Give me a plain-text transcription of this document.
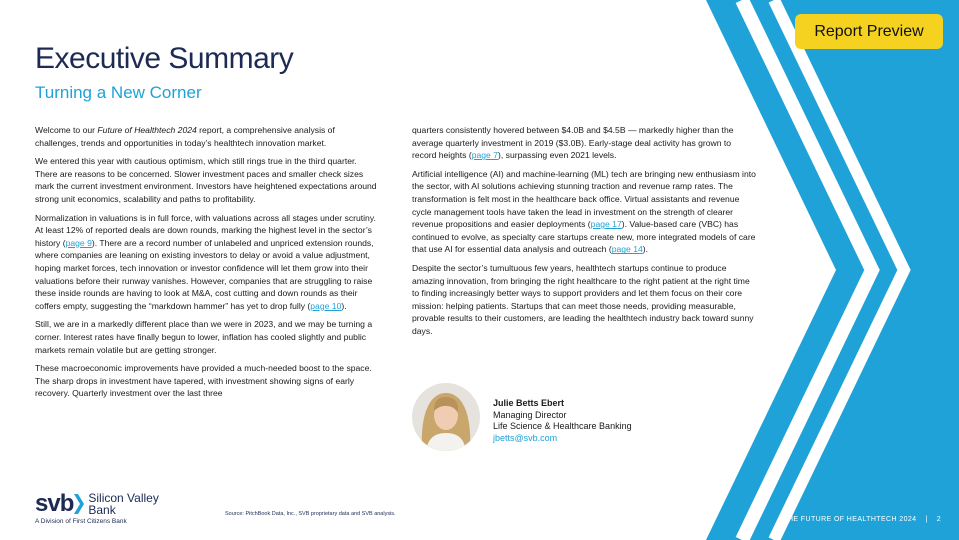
Report Preview
Executive Summary
Turning a New Corner

Welcome to our Future of Healthtech 2024 report, a comprehensive analysis of challenges, trends and opportunities in today’s healthtech innovation market.

We entered this year with cautious optimism, which still rings true in the third quarter. There are reasons to be concerned. Slower investment paces and smaller check sizes mark the current investment environment. Investors have heightened expectations around strong unit economics, scalability and paths to profitability.

Normalization in valuations is in full force, with valuations across all stages under scrutiny. At least 12% of reported deals are down rounds, marking the highest level in the sector’s history (page 9). There are a record number of unlabeled and unpriced extension rounds, where companies are leaning on existing investors to delay or avoid a value adjustment, hoping market forces, tech innovation or investor confidence will let them grow into their valuations before their runway vanishes. However, companies that are struggling to raise these inside rounds are having to look at M&A, cost cutting and down rounds as their coffers empty, suggesting the “markdown hammer” has yet to drop fully (page 10).

Still, we are in a markedly different place than we were in 2023, and we may be turning a corner. Interest rates have finally begun to lower, inflation has cooled slightly and public markets remain volatile but are getting stronger.

These macroeconomic improvements have provided a much-needed boost to the space. The sharp drops in investment have tapered, with investment showing signs of early recovery. Quarterly investment over the last three

quarters consistently hovered between $4.0B and $4.5B — markedly higher than the average quarterly investment in 2019 ($3.0B). Early-stage deal activity has grown to record heights (page 7), surpassing even 2021 levels.

Artificial intelligence (AI) and machine-learning (ML) tech are bringing new enthusiasm into the sector, with AI solutions achieving stunning traction and revenue ramp rates. The transformation is felt most in the healthcare back office. Virtual assistants and revenue cycle management tools have taken the lead in investment on the strength of clearer revenue propositions and easier deployments (page 17). Value-based care (VBC) has continued to evolve, as specialty care startups create new, more integrated models of care that use AI for essential data analysis and outreach (page 14).

Despite the sector’s tumultuous few years, healthtech startups continue to produce amazing innovation, from bringing the right healthcare to the right patient at the right time to finding increasingly better ways to support providers and let them focus on their core mission: helping patients. Startups that can meet those needs, providing measurable, provable results to their customers, are leading the healthtech industry back toward sunny days.

Julie Betts Ebert
Managing Director
Life Science & Healthcare Banking
jbetts@svb.com
svb Silicon Valley
Bank
A Division of First Citizens Bank
Source: PitchBook Data, Inc., SVB proprietary data and SVB analysis.
THE FUTURE OF HEALTHTECH 2024 | 2
